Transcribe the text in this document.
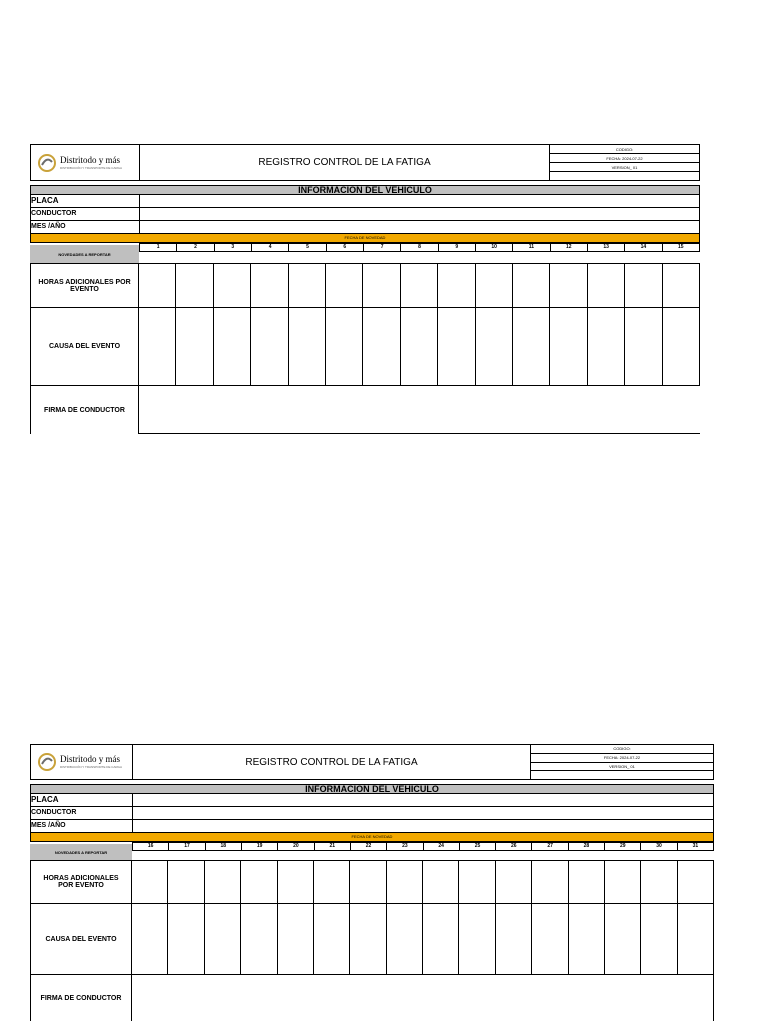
Distritodo y más
DISTRIBUCIÓN Y TRANSPORTE DE CARGA	REGISTRO CONTROL DE LA FATIGA
CODIGO:
FECHA: 2024-07-22
VERSION_ 01
INFORMACION DEL VEHICULO
PLACA
CONDUCTOR
MES /AÑO
FECHA DE NOVEDAD
NOVEDADES A REPORTAR
1	2	3	4	5	6	7	8	9	10	11	12	13	14	15
HORAS ADICIONALES POR EVENTO
CAUSA DEL EVENTO
FIRMA DE CONDUCTOR
Distritodo y más
DISTRIBUCIÓN Y TRANSPORTE DE CARGA	REGISTRO CONTROL DE LA FATIGA
CODIGO:
FECHA: 2024-07-22
VERSION_ 01
INFORMACION DEL VEHICULO
PLACA
CONDUCTOR
MES /AÑO
FECHA DE NOVEDAD
NOVEDADES A REPORTAR
16	17	18	19	20	21	22	23	24	25	26	27	28	29	30	31
HORAS ADICIONALES POR EVENTO
CAUSA DEL EVENTO
FIRMA DE CONDUCTOR
